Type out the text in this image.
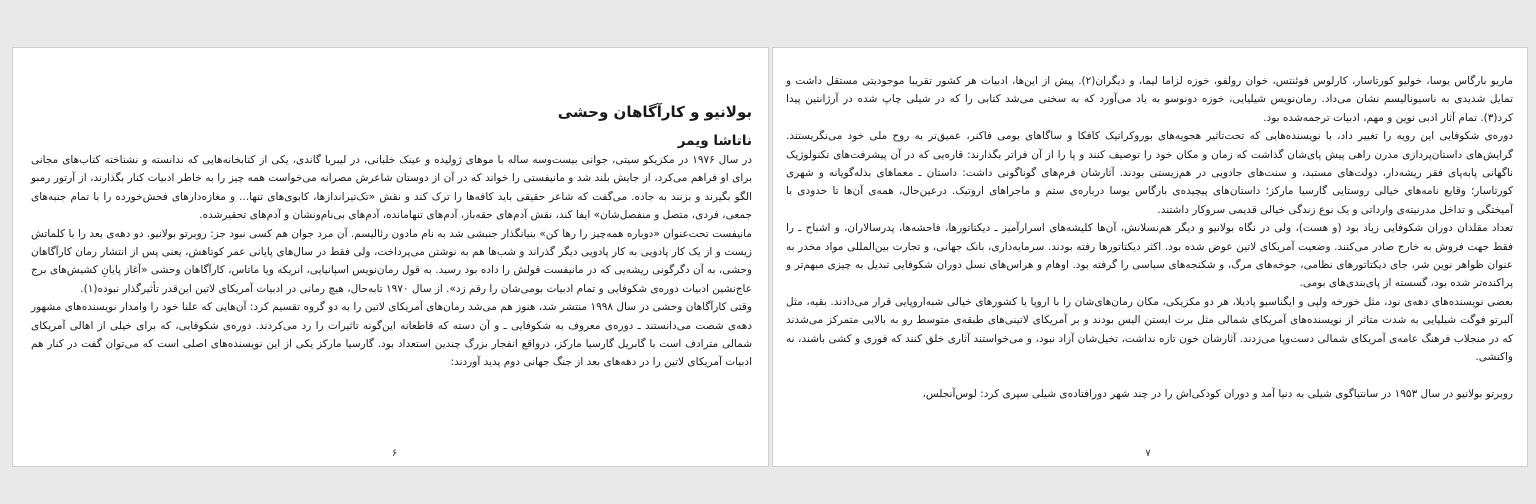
بولانیو و کارآگاهان وحشی
ناتاشا ویمر

در سال ۱۹۷۶ در مکزیکو سیتی، جوانی بیست‌وسه ساله با موهای ژولیده و عینک خلبانی، در لیبریا گاندی، یکی از کتابخانه‌هایی که ندانسته و نشناخته کتاب‌های مجانی برای او فراهم می‌کرد، از جایش بلند شد و مانیفستی را خواند که در آن از دوستان شاعرش مصرانه می‌خواست همه چیز را به خاطر ادبیات کنار بگذارند، از آرتور رمبو الگو بگیرند و بزنند به جاده. می‌گفت که شاعر حقیقی باید کافه‌ها را ترک کند و نقش «تک‌تیراندازها، کابوی‌های تنها... و مغازه‌دارهای فحش‌خورده را با تمام جنبه‌های جمعی، فردی، متصل و منفصل‌شان» ایفا کند، نقش آدم‌های حقه‌باز، آدم‌های تنهامانده، آدم‌های بی‌نام‌ونشان و آدم‌های تحقیرشده.

مانیفست تحت‌عنوان «دوباره همه‌چیز را رها کن» بنیانگذار جنبشی شد به نام مادون رئالیسم. آن مرد جوان هم کسی نبود جز: روبرتو بولانیو. دو دهه‌ی بعد را با کلماتش زیست و از یک کار پادویی به کار پادویی دیگر گذراند و شب‌ها هم به نوشتن می‌پرداخت، ولی فقط در سال‌های پایانی عمر کوتاهش، یعنی پس از انتشار رمان کارآگاهان وحشی، به آن دگرگونی ریشه‌یی که در مانیفست قولش را داده بود رسید. به قول رمان‌نویس اسپانیایی، انریکه ویا ماتاس، کارآگاهان وحشی «آغاز پایانِ کشیش‌های برج عاج‌نشین ادبیات دوره‌ی شکوفایی و تمام ادبیات بومی‌شان را رقم زد». از سال ۱۹۷۰ تابه‌حال، هیچ رمانی در ادبیات آمریکای لاتین این‌قدر تأثیرگذار نبوده(۱).

وقتی کارآگاهان وحشی در سال ۱۹۹۸ منتشر شد، هنوز هم می‌شد رمان‌های آمریکای لاتین را به دو گروه تقسیم کرد: آن‌هایی که علنا خود را وامدار نویسنده‌های مشهور دهه‌ی شصت می‌دانستند ـ دوره‌ی معروف به شکوفایی ـ و آن دسته که قاطعانه این‌گونه تاثیرات را رد می‌کردند. دوره‌ی شکوفایی، که برای خیلی از اهالی آمریکای شمالی مترادف است با گابریل گارسیا مارکز، درواقع انفجار بزرگ چندین استعداد بود. گارسیا مارکز یکی از این نویسنده‌های اصلی است که می‌توان گفت در کنار هم ادبیات آمریکای لاتین را در دهه‌های بعد از جنگ جهانی دوم پدید آوردند:

۶

ماریو بارگاس یوسا، خولیو کورتاسار، کارلوس فوئنتس، خوان رولفو، خوزه لزاما لیما، و دیگران(۲). پیش از این‌ها، ادبیات هر کشور تقریبا موجودیتی مستقل داشت و تمایل شدیدی به ناسیونالیسم نشان می‌داد. رمان‌نویس شیلیایی، خوزه دونوسو به یاد می‌آورد که به سختی می‌شد کتابی را که در شیلی چاپ شده در آرژانتین پیدا کرد(۳). تمام آثار ادبی نوین و مهم، ادبیات ترجمه‌شده بود.

دوره‌ی شکوفایی این رویه را تغییر داد، با نویسنده‌هایی که تحت‌تاثیر هجویه‌های بوروکراتیک کافکا و ساگاهای بومی فاکنر، عمیق‌تر به روح ملی خود می‌نگریستند. گرایش‌های داستان‌پردازی مدرن راهی پیش پای‌شان گذاشت که زمان و مکان خود را توصیف کنند و پا را از آن فراتر بگذارند: قاره‌یی که در آن پیشرفت‌های تکنولوژیک ناگهانی پابه‌پای فقر ریشه‌دار، دولت‌های مستبد، و سنت‌های جادویی در هم‌زیستی بودند. آثارشان فرم‌های گوناگونی داشت: داستان ـ معماهای بذله‌گویانه و شهری کورتاسار؛ وقایع نامه‌های خیالی روستایی گارسیا مارکز؛ داستان‌های پیچیده‌ی بارگاس یوسا درباره‌ی ستم و ماجراهای اروتیک. درعین‌حال، همه‌ی آن‌ها تا حدودی با آمیختگی و تداخل مدرنیته‌ی وارداتی و یک نوع زندگی خیالی قدیمی سروکار داشتند.

تعداد مقلدان دوران شکوفایی زیاد بود (و هست)، ولی در نگاه بولانیو و دیگر هم‌نسلانش، آن‌ها کلیشه‌های اسرارآمیز ـ دیکتاتورها، فاحشه‌ها، پدرسالاران، و اشباح ـ را فقط جهت فروش به خارج صادر می‌کنند. وضعیت آمریکای لاتین عوض شده بود. اکثر دیکتاتورها رفته بودند. سرمایه‌داری، بانک جهانی، و تجارت بین‌المللی مواد مخدر به عنوان ظواهر نوین شر، جای دیکتاتورهای نظامی، جوخه‌های مرگ، و شکنجه‌های سیاسی را گرفته بود. اوهام و هراس‌های نسل دوران شکوفایی تبدیل به چیزی مبهم‌تر و پراکنده‌تر شده بود، گسسته از پای‌بندی‌های بومی.

بعضی نویسنده‌های دهه‌ی نود، مثل خورخه ولپی و ایگناسیو پادیلا، هر دو مکزیکی، مکان رمان‌های‌شان را با اروپا یا کشورهای خیالی شبه‌اروپایی قرار می‌دادند. بقیه، مثل آلبرتو فوگت شیلیایی به شدت متاثر از نویسنده‌های آمریکای شمالی مثل برت ایستن الیس بودند و بر آمریکای لاتینی‌های طبقه‌ی متوسط رو به بالایی متمرکز می‌شدند که در منجلاب فرهنگ عامه‌ی آمریکای شمالی دست‌وپا می‌زدند. آثارشان خون تازه نداشت، تخیل‌شان آزاد نبود، و می‌خواستند آثاری خلق کنند که فوری و کشی باشند، نه واکنشی.

روبرتو بولانیو در سال ۱۹۵۳ در سانتیاگوی شیلی به دنیا آمد و دوران کودکی‌اش را در چند شهر دورافتاده‌ی شیلی سپری کرد: لوس‌آنجلس،

۷
